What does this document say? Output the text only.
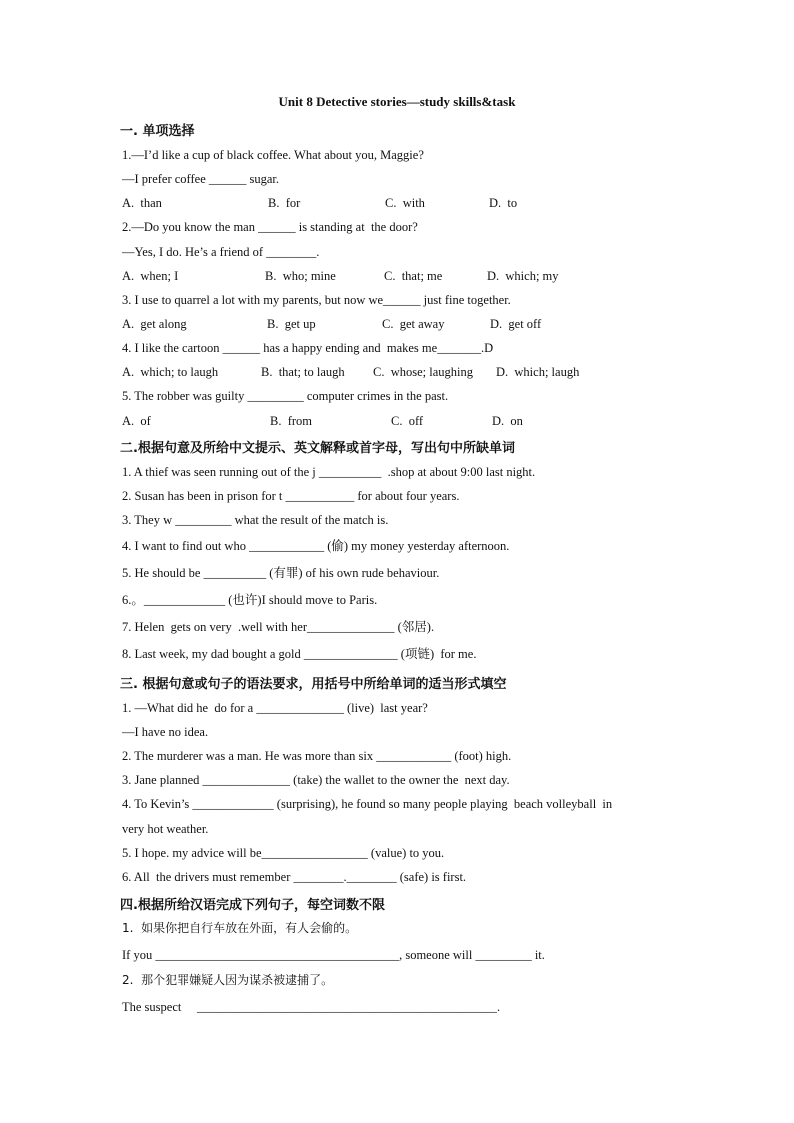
Unit 8 Detective stories—study skills&task
一. 单项选择
1.—I’d like a cup of black coffee. What about you, Maggie?
—I prefer coffee ______ sugar.
A.  than	B.  for	C.  with	D.  to
2.—Do you know the man ______ is standing at  the door?
—Yes, I do. He’s a friend of ________.
A.  when; I	B.  who; mine	C.  that; me	D.  which; my
3. I use to quarrel a lot with my parents, but now we______ just fine together.
A.  get along	B.  get up	C.  get away	D.  get off
4. I like the cartoon ______ has a happy ending and  makes me_______.D
A.  which; to laugh	B.  that; to laugh C.  whose; laughing D.  which; laugh
5. The robber was guilty _________ computer crimes in the past.
A.  of	B.  from	C.  off	D.  on
二.根据句意及所给中文提示、英文解释或首字母，写出句中所缺单词
1. A thief was seen running out of the j __________  .shop at about 9:00 last night.
2. Susan has been in prison for t ___________ for about four years.
3. They w _________ what the result of the match is.
4. I want to find out who ____________ (偷) my money yesterday afternoon.
5. He should be __________ (有罪) of his own rude behaviour.
6.。_____________ (也许)I should move to Paris.
7. Helen  gets on very  .well with her______________ (邻居).
8. Last week, my dad bought a gold _______________ (项链)  for me.
三. 根据句意或句子的语法要求，用括号中所给单词的适当形式填空
1. —What did he  do for a ______________ (live)  last year?
—I have no idea.
2. The murderer was a man. He was more than six ____________ (foot) high.
3. Jane planned ______________ (take) the wallet to the owner the  next day.
4. To Kevin’s _____________ (surprising), he found so many people playing  beach volleyball  in
very hot weather.
5. I hope. my advice will be_________________ (value) to you.
6. All  the drivers must remember ________.________ (safe) is first.
四.根据所给汉语完成下列句子，每空词数不限
1.  如果你把自行车放在外面，有人会偷的。
If you _______________________________________, someone will _________ it.
2.  那个犯罪嫌疑人因为谋杀被逮捕了。
The suspect     ________________________________________________.
